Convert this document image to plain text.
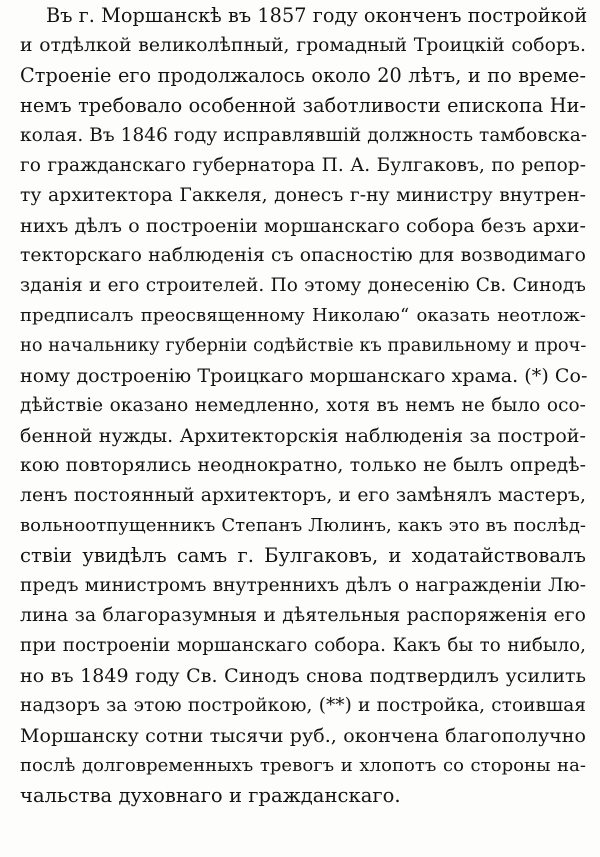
Въ г. Моршанскѣ въ 1857 году оконченъ постройкой
и отдѣлкой великолѣпный, громадный Троицкій соборъ.
Строеніе его продолжалось около 20 лѣтъ, и по време-
немъ требовало особенной заботливости епископа Ни-
колая. Въ 1846 году исправлявшій должность тамбовска-
го гражданскаго губернатора П. А. Булгаковъ, по репор-
ту архитектора Гаккеля, донесъ г-ну министру внутрен-
нихъ дѣлъ о построеніи моршанскаго собора безъ архи-
текторскаго наблюденія съ опасностію для возводимаго
зданія и его строителей. По этому донесенію Св. Синодъ
предписалъ преосвященному Николаю“ оказать неотлож-
но начальнику губерніи содѣйствіе къ правильному и проч-
ному достроенію Троицкаго моршанскаго храма. (*) Со-
дѣйствіе оказано немедленно, хотя въ немъ не было осо-
бенной нужды. Архитекторскія наблюденія за построй-
кою повторялись неоднократно, только не былъ опредѣ-
ленъ постоянный архитекторъ, и его замѣнялъ мастеръ,
вольноотпущенникъ Степанъ Люлинъ, какъ это въ послѣд-
ствіи увидѣлъ самъ г. Булгаковъ, и ходатайствовалъ
предъ министромъ внутреннихъ дѣлъ о награжденіи Лю-
лина за благоразумныя и дѣятельныя распоряженія его
при построеніи моршанскаго собора. Какъ бы то нибыло,
но въ 1849 году Св. Синодъ снова подтвердилъ усилить
надзоръ за этою постройкою, (**) и постройка, стоившая
Моршанску сотни тысячи руб., окончена благополучно
послѣ долговременныхъ тревогъ и хлопотъ со стороны на-
чальства духовнаго и гражданскаго.
